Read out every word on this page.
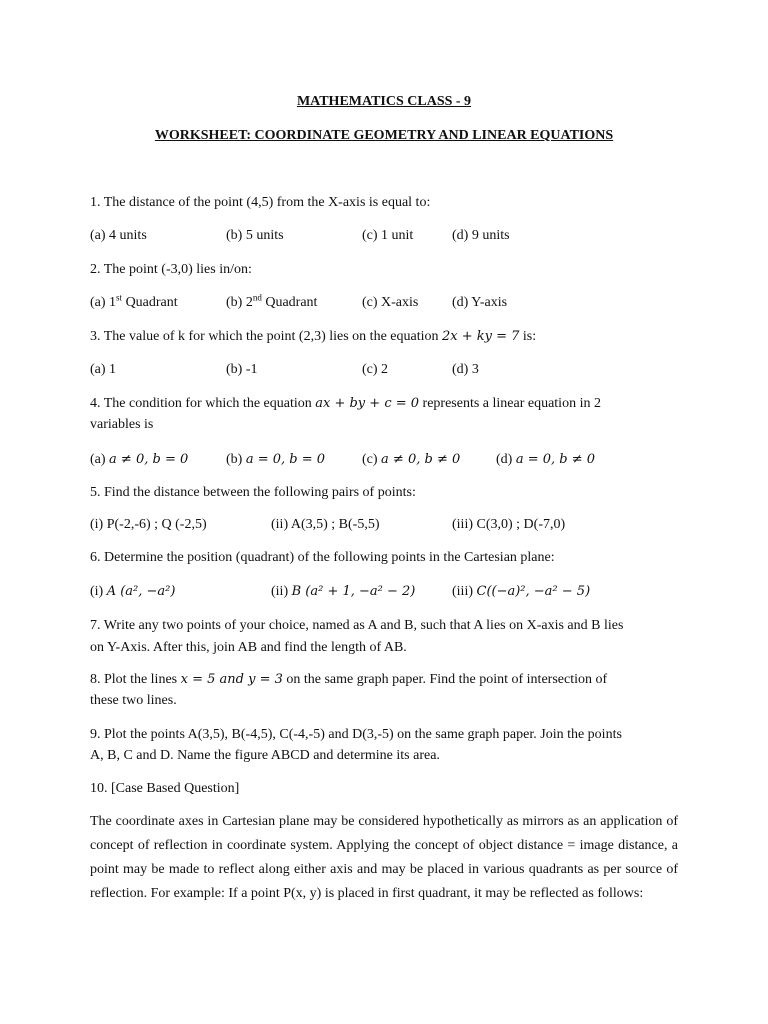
MATHEMATICS CLASS - 9
WORKSHEET: COORDINATE GEOMETRY AND LINEAR EQUATIONS
1. The distance of the point (4,5) from the X-axis is equal to:
(a) 4 units	(b) 5 units	(c) 1 unit	(d) 9 units
2. The point (-3,0) lies in/on:
(a) 1st Quadrant	(b) 2nd Quadrant	(c) X-axis (d) Y-axis
3. The value of k for which the point (2,3) lies on the equation 2x + ky = 7 is:
(a) 1	(b) -1	(c) 2	(d) 3
4. The condition for which the equation ax + by + c = 0 represents a linear equation in 2
variables is
(a) a ≠ 0, b = 0	(b) a = 0, b = 0	(c) a ≠ 0, b ≠ 0	(d) a = 0, b ≠ 0
5. Find the distance between the following pairs of points:
(i) P(-2,-6) ; Q (-2,5)	(ii) A(3,5) ; B(-5,5)	(iii) C(3,0) ; D(-7,0)
6. Determine the position (quadrant) of the following points in the Cartesian plane:
(i) A (a², −a²)	(ii) B (a² + 1, −a² − 2)	(iii) C((−a)², −a² − 5)
7. Write any two points of your choice, named as A and B, such that A lies on X-axis and B lies
on Y-Axis. After this, join AB and find the length of AB.
8. Plot the lines x = 5 and y = 3 on the same graph paper. Find the point of intersection of
these two lines.
9. Plot the points A(3,5), B(-4,5), C(-4,-5) and D(3,-5) on the same graph paper. Join the points
A, B, C and D. Name the figure ABCD and determine its area.
10. [Case Based Question]
The coordinate axes in Cartesian plane may be considered hypothetically as mirrors as an application of concept of reflection in coordinate system. Applying the concept of object distance = image distance, a point may be made to reflect along either axis and may be placed in various quadrants as per source of reflection. For example: If a point P(x, y) is placed in first quadrant, it may be reflected as follows:
